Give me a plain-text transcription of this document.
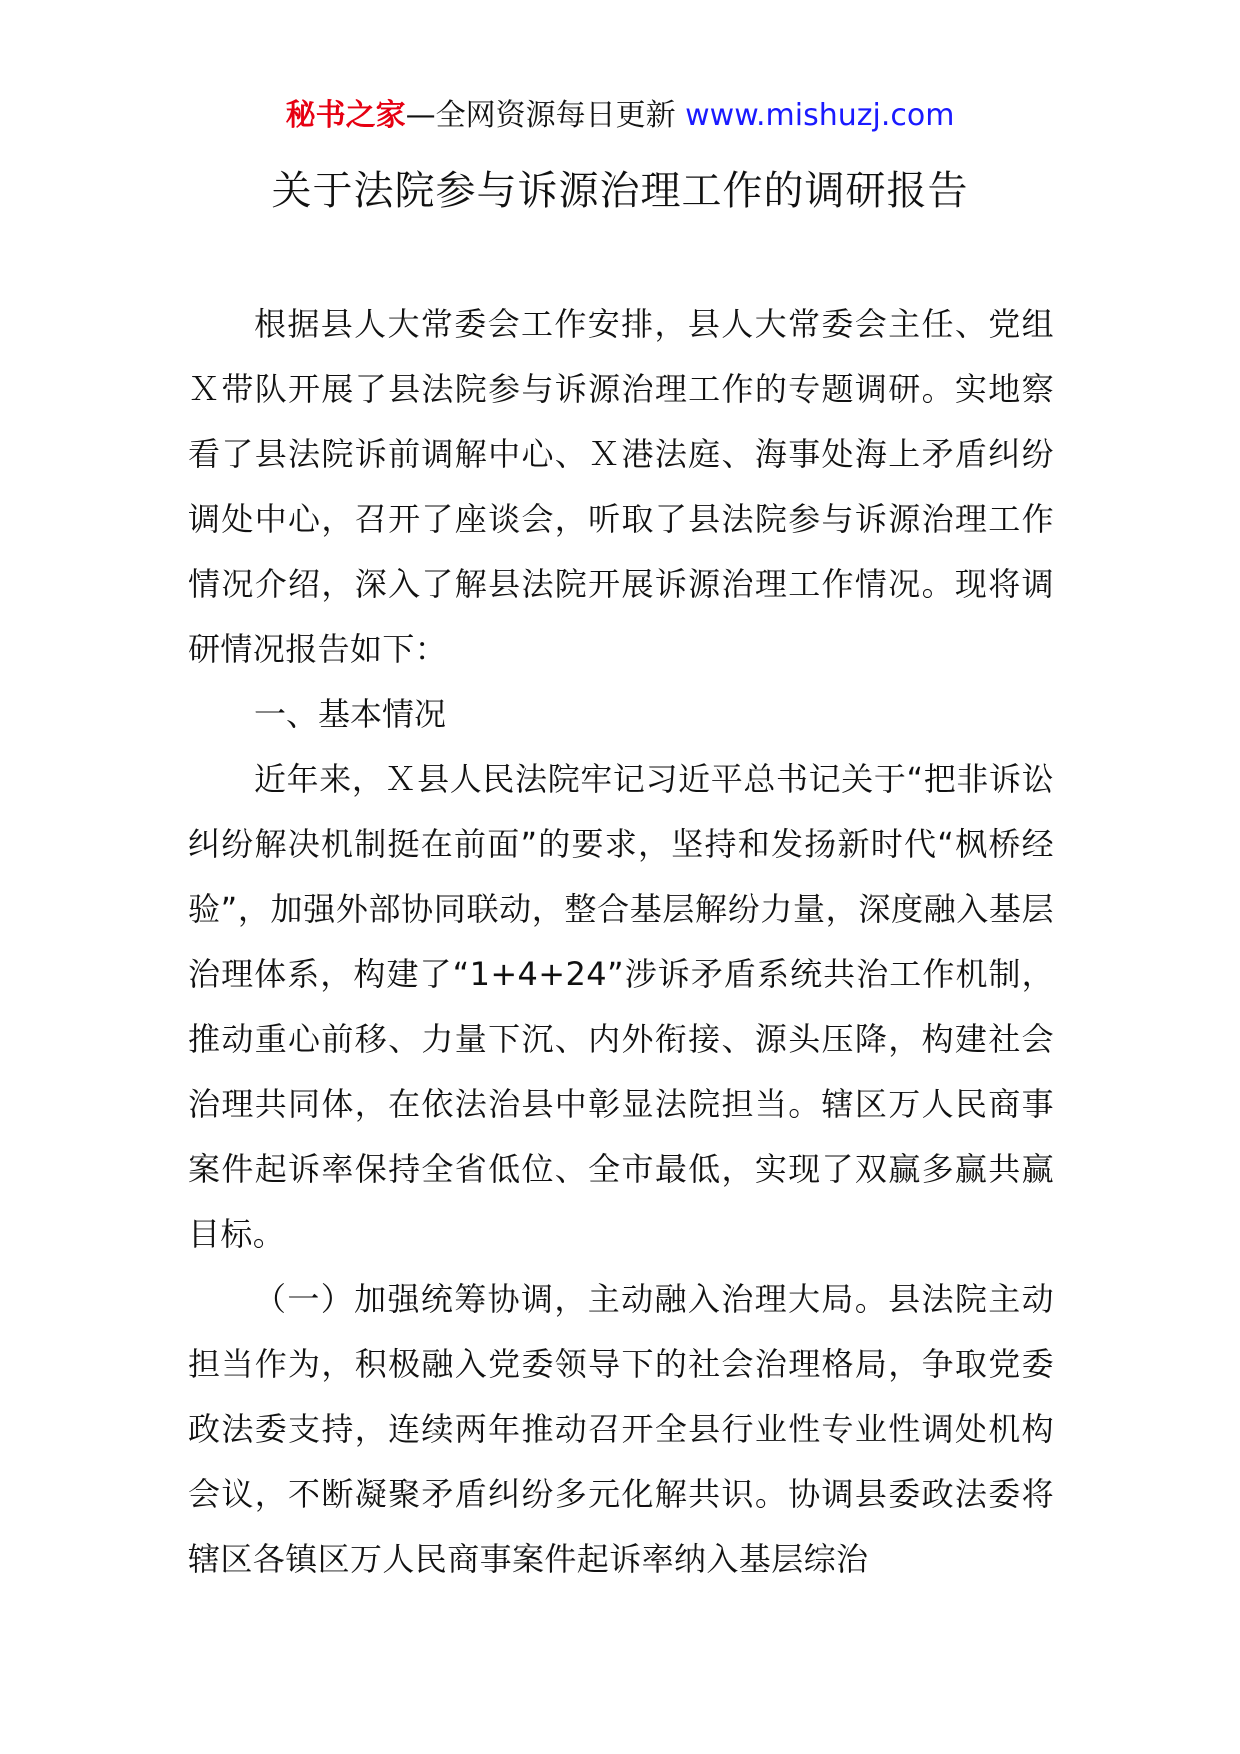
秘书之家—全网资源每日更新 www.mishuzj.com
关于法院参与诉源治理工作的调研报告

根据县人大常委会工作安排，县人大常委会主任、党组Ｘ带队开展了县法院参与诉源治理工作的专题调研。实地察看了县法院诉前调解中心、Ｘ港法庭、海事处海上矛盾纠纷调处中心，召开了座谈会，听取了县法院参与诉源治理工作情况介绍，深入了解县法院开展诉源治理工作情况。现将调研情况报告如下：

一、基本情况

近年来，Ｘ县人民法院牢记习近平总书记关于“把非诉讼纠纷解决机制挺在前面”的要求，坚持和发扬新时代“枫桥经验”，加强外部协同联动，整合基层解纷力量，深度融入基层治理体系，构建了“1+4+24”涉诉矛盾系统共治工作机制，推动重心前移、力量下沉、内外衔接、源头压降，构建社会治理共同体，在依法治县中彰显法院担当。辖区万人民商事案件起诉率保持全省低位、全市最低，实现了双赢多赢共赢目标。

（一）加强统筹协调，主动融入治理大局。县法院主动担当作为，积极融入党委领导下的社会治理格局，争取党委政法委支持，连续两年推动召开全县行业性专业性调处机构会议，不断凝聚矛盾纠纷多元化解共识。协调县委政法委将辖区各镇区万人民商事案件起诉率纳入基层综治
